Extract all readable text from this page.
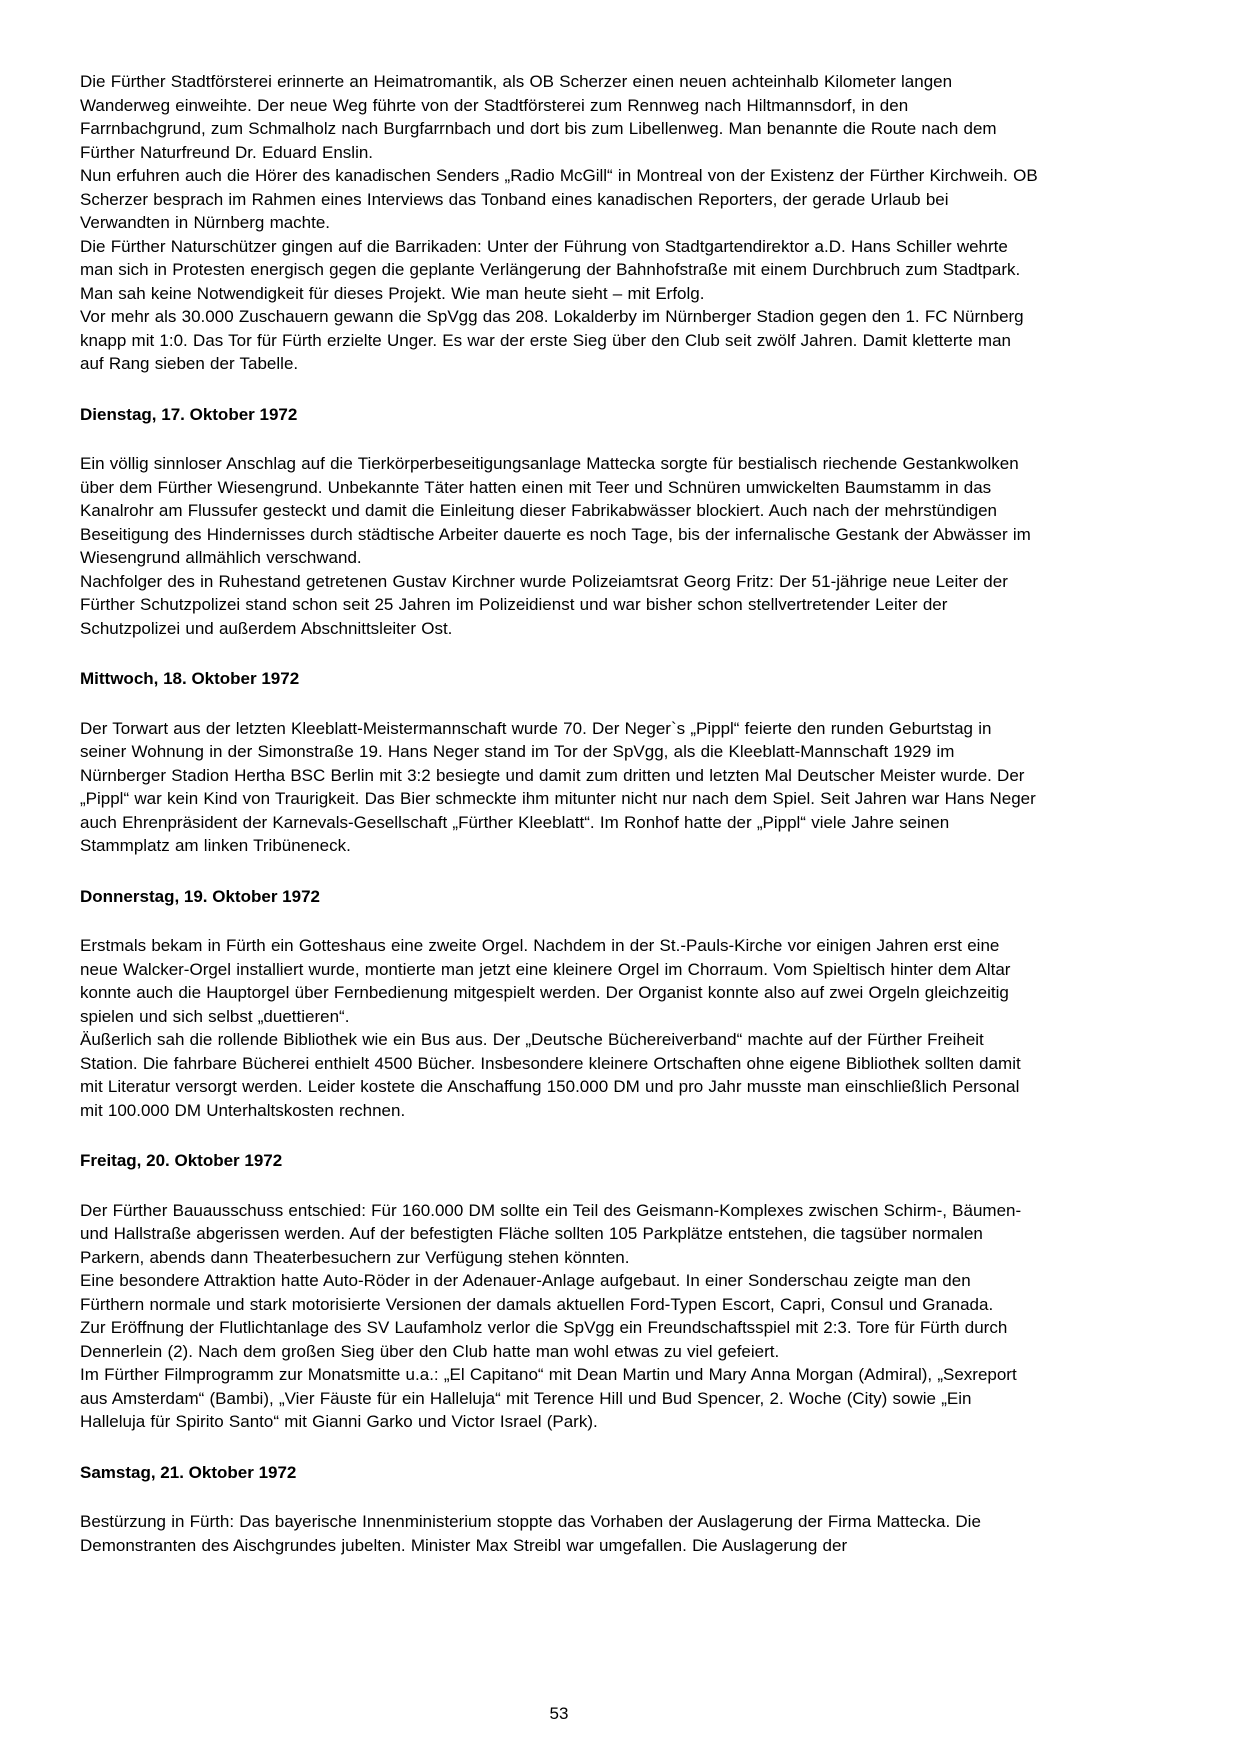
Die Fürther Stadtförsterei erinnerte an Heimatromantik, als OB Scherzer einen neuen achteinhalb Kilometer langen Wanderweg einweihte. Der neue Weg führte von der Stadtförsterei zum Rennweg nach Hiltmannsdorf, in den Farrnbachgrund, zum Schmalholz nach Burgfarrnbach und dort bis zum Libellenweg. Man benannte die Route nach dem Fürther Naturfreund Dr. Eduard Enslin.

Nun erfuhren auch die Hörer des kanadischen Senders „Radio McGill“ in Montreal von der Existenz der Fürther Kirchweih. OB Scherzer besprach im Rahmen eines Interviews das Tonband eines kanadischen Reporters, der gerade Urlaub bei Verwandten in Nürnberg machte.

Die Fürther Naturschützer gingen auf die Barrikaden: Unter der Führung von Stadtgartendirektor a.D. Hans Schiller wehrte man sich in Protesten energisch gegen die geplante Verlängerung der Bahnhofstraße mit einem Durchbruch zum Stadtpark. Man sah keine Notwendigkeit für dieses Projekt. Wie man heute sieht – mit Erfolg.

Vor mehr als 30.000 Zuschauern gewann die SpVgg das 208. Lokalderby im Nürnberger Stadion gegen den 1. FC Nürnberg knapp mit 1:0. Das Tor für Fürth erzielte Unger. Es war der erste Sieg über den Club seit zwölf Jahren. Damit kletterte man auf Rang sieben der Tabelle.

Dienstag, 17. Oktober 1972

Ein völlig sinnloser Anschlag auf die Tierkörperbeseitigungsanlage Mattecka sorgte für bestialisch riechende Gestankwolken über dem Fürther Wiesengrund. Unbekannte Täter hatten einen mit Teer und Schnüren umwickelten Baumstamm in das Kanalrohr am Flussufer gesteckt und damit die Einleitung dieser Fabrikabwässer blockiert. Auch nach der mehrstündigen Beseitigung des Hindernisses durch städtische Arbeiter dauerte es noch Tage, bis der infernalische Gestank der Abwässer im Wiesengrund allmählich verschwand.

Nachfolger des in Ruhestand getretenen Gustav Kirchner wurde Polizeiamtsrat Georg Fritz: Der 51-jährige neue Leiter der Fürther Schutzpolizei stand schon seit 25 Jahren im Polizeidienst und war bisher schon stellvertretender Leiter der Schutzpolizei und außerdem Abschnittsleiter Ost.

Mittwoch, 18. Oktober 1972

Der Torwart aus der letzten Kleeblatt-Meistermannschaft wurde 70. Der Neger`s „Pippl“ feierte den runden Geburtstag in seiner Wohnung in der Simonstraße 19. Hans Neger stand im Tor der SpVgg, als die Kleeblatt-Mannschaft 1929 im Nürnberger Stadion Hertha BSC Berlin mit 3:2 besiegte und damit zum dritten und letzten Mal Deutscher Meister wurde. Der „Pippl“ war kein Kind von Traurigkeit. Das Bier schmeckte ihm mitunter nicht nur nach dem Spiel. Seit Jahren war Hans Neger auch Ehrenpräsident der Karnevals-Gesellschaft „Fürther Kleeblatt“. Im Ronhof hatte der „Pippl“ viele Jahre seinen Stammplatz am linken Tribüneneck.

Donnerstag, 19. Oktober 1972

Erstmals bekam in Fürth ein Gotteshaus eine zweite Orgel. Nachdem in der St.-Pauls-Kirche vor einigen Jahren erst eine neue Walcker-Orgel installiert wurde, montierte man jetzt eine kleinere Orgel im Chorraum. Vom Spieltisch hinter dem Altar konnte auch die Hauptorgel über Fernbedienung mitgespielt werden. Der Organist konnte also auf zwei Orgeln gleichzeitig spielen und sich selbst „duettieren“.

Äußerlich sah die rollende Bibliothek wie ein Bus aus. Der „Deutsche Büchereiverband“ machte auf der Fürther Freiheit Station. Die fahrbare Bücherei enthielt 4500 Bücher. Insbesondere kleinere Ortschaften ohne eigene Bibliothek sollten damit mit Literatur versorgt werden. Leider kostete die Anschaffung 150.000 DM und pro Jahr musste man einschließlich Personal mit 100.000 DM Unterhaltskosten rechnen.

Freitag, 20. Oktober 1972

Der Fürther Bauausschuss entschied: Für 160.000 DM sollte ein Teil des Geismann-Komplexes zwischen Schirm-, Bäumen- und Hallstraße abgerissen werden. Auf der befestigten Fläche sollten 105 Parkplätze entstehen, die tagsüber normalen Parkern, abends dann Theaterbesuchern zur Verfügung stehen könnten.

Eine besondere Attraktion hatte Auto-Röder in der Adenauer-Anlage aufgebaut. In einer Sonderschau zeigte man den Fürthern normale und stark motorisierte Versionen der damals aktuellen Ford-Typen Escort, Capri, Consul und Granada.

Zur Eröffnung der Flutlichtanlage des SV Laufamholz verlor die SpVgg ein Freundschaftsspiel mit 2:3. Tore für Fürth durch Dennerlein (2). Nach dem großen Sieg über den Club hatte man wohl etwas zu viel gefeiert.

Im Fürther Filmprogramm zur Monatsmitte u.a.: „El Capitano“ mit Dean Martin und Mary Anna Morgan (Admiral), „Sexreport aus Amsterdam“ (Bambi), „Vier Fäuste für ein Halleluja“ mit Terence Hill und Bud Spencer, 2. Woche (City) sowie „Ein Halleluja für Spirito Santo“ mit Gianni Garko und Victor Israel (Park).

Samstag, 21. Oktober 1972

Bestürzung in Fürth: Das bayerische Innenministerium stoppte das Vorhaben der Auslagerung der Firma Mattecka. Die Demonstranten des Aischgrundes jubelten. Minister Max Streibl war umgefallen. Die Auslagerung der

53
